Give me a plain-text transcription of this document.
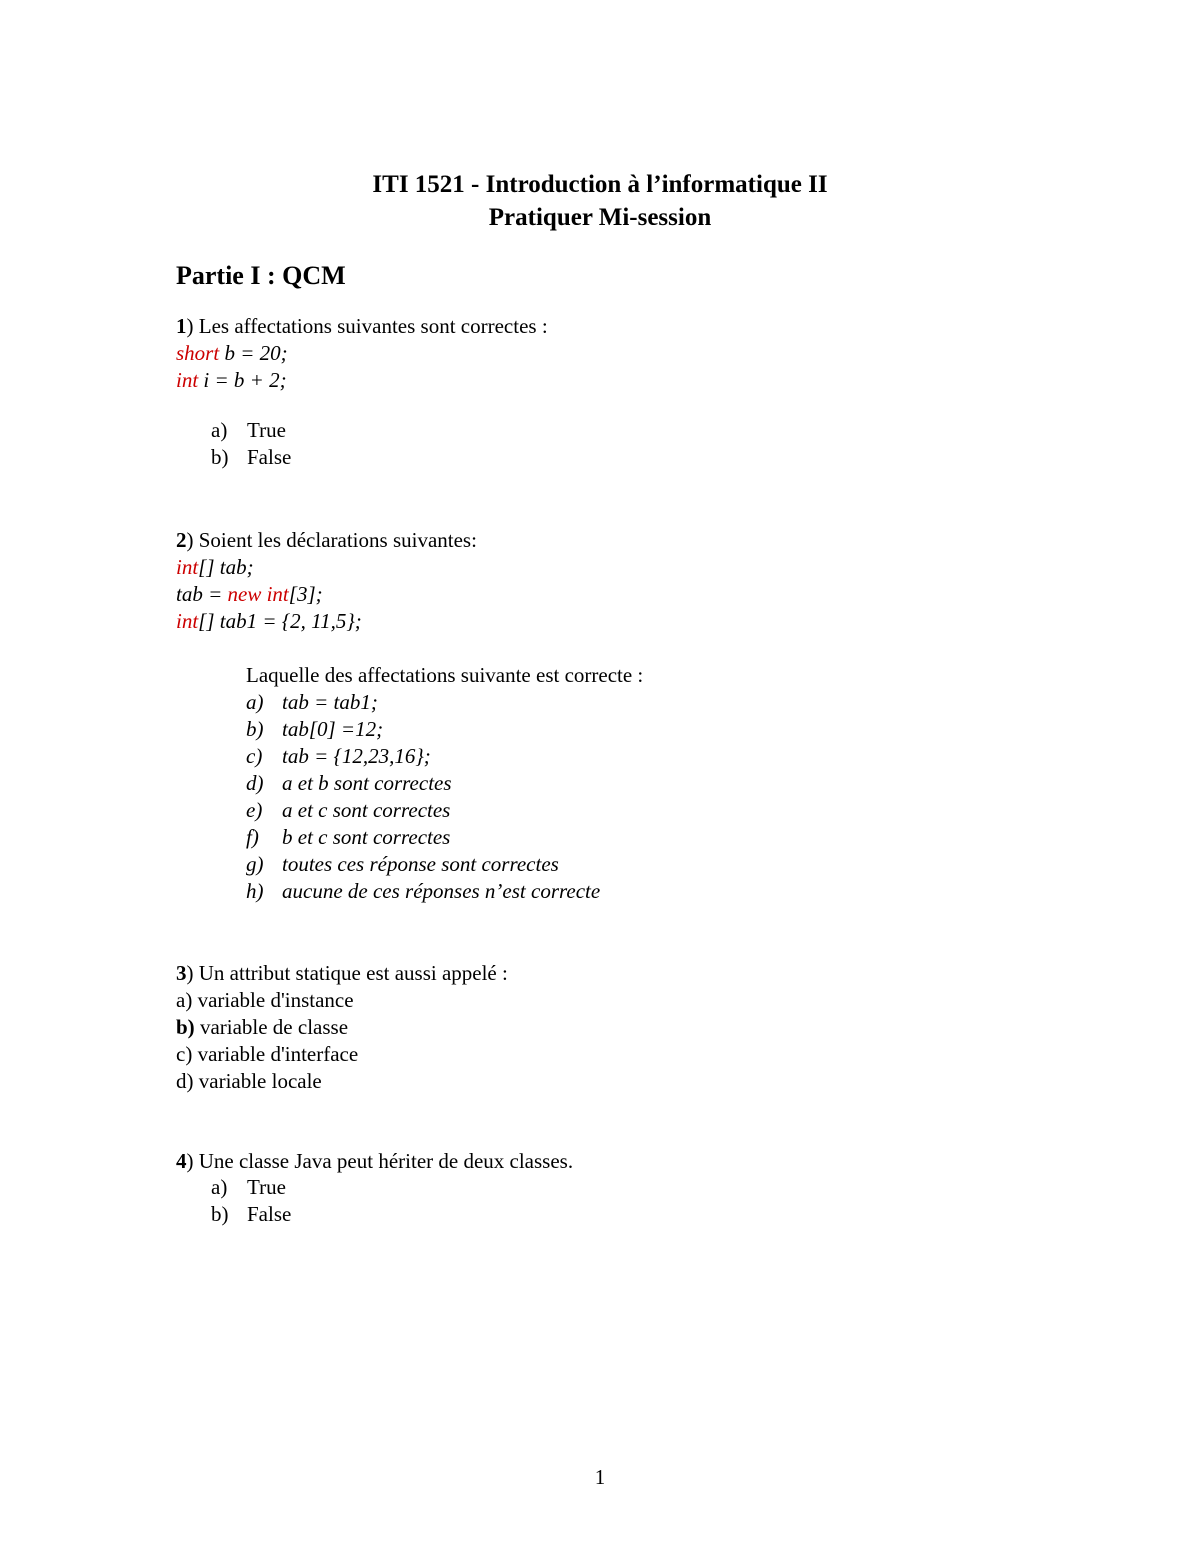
ITI 1521 - Introduction à l’informatique II
Pratiquer Mi-session
Partie I : QCM
1) Les affectations suivantes sont correctes :
short b = 20;
int i = b + 2;
a) True
b) False
2) Soient les déclarations suivantes:
int[] tab;
tab = new int[3];
int[] tab1 = {2, 11,5};
Laquelle des affectations suivante est correcte :
a) tab = tab1;
b) tab[0] =12;
c) tab = {12,23,16};
d) a et b sont correctes
e) a et c sont correctes
f) b et c sont correctes
g) toutes ces réponse sont correctes
h) aucune de ces réponses n’est correcte
3) Un attribut statique est aussi appelé :
a) variable d'instance
b) variable de classe
c) variable d'interface
d) variable locale
4) Une classe Java peut hériter de deux classes.
a) True
b) False
1
